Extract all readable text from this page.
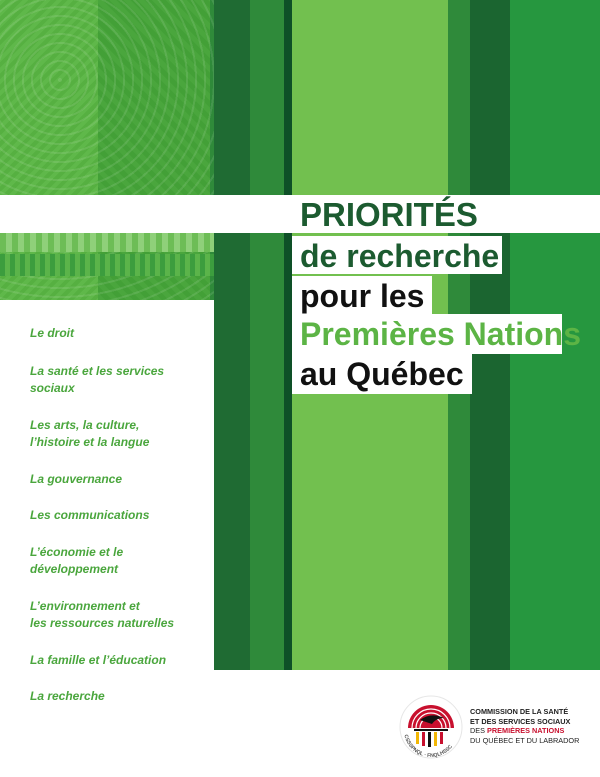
PRIORITÉS
de recherche
pour les
Premières Nations
au Québec
Le droit
La santé et les services
sociaux
Les arts, la culture,
l’histoire et la langue
La gouvernance
Les communications
L’économie et le
développement
L’environnement et
les ressources naturelles
La famille et l’éducation
La recherche
CSSSPNQL · FNQLHSSC
COMMISSION DE LA SANTÉ
ET DES SERVICES SOCIAUX
DES PREMIÈRES NATIONS
DU QUÉBEC ET DU LABRADOR
